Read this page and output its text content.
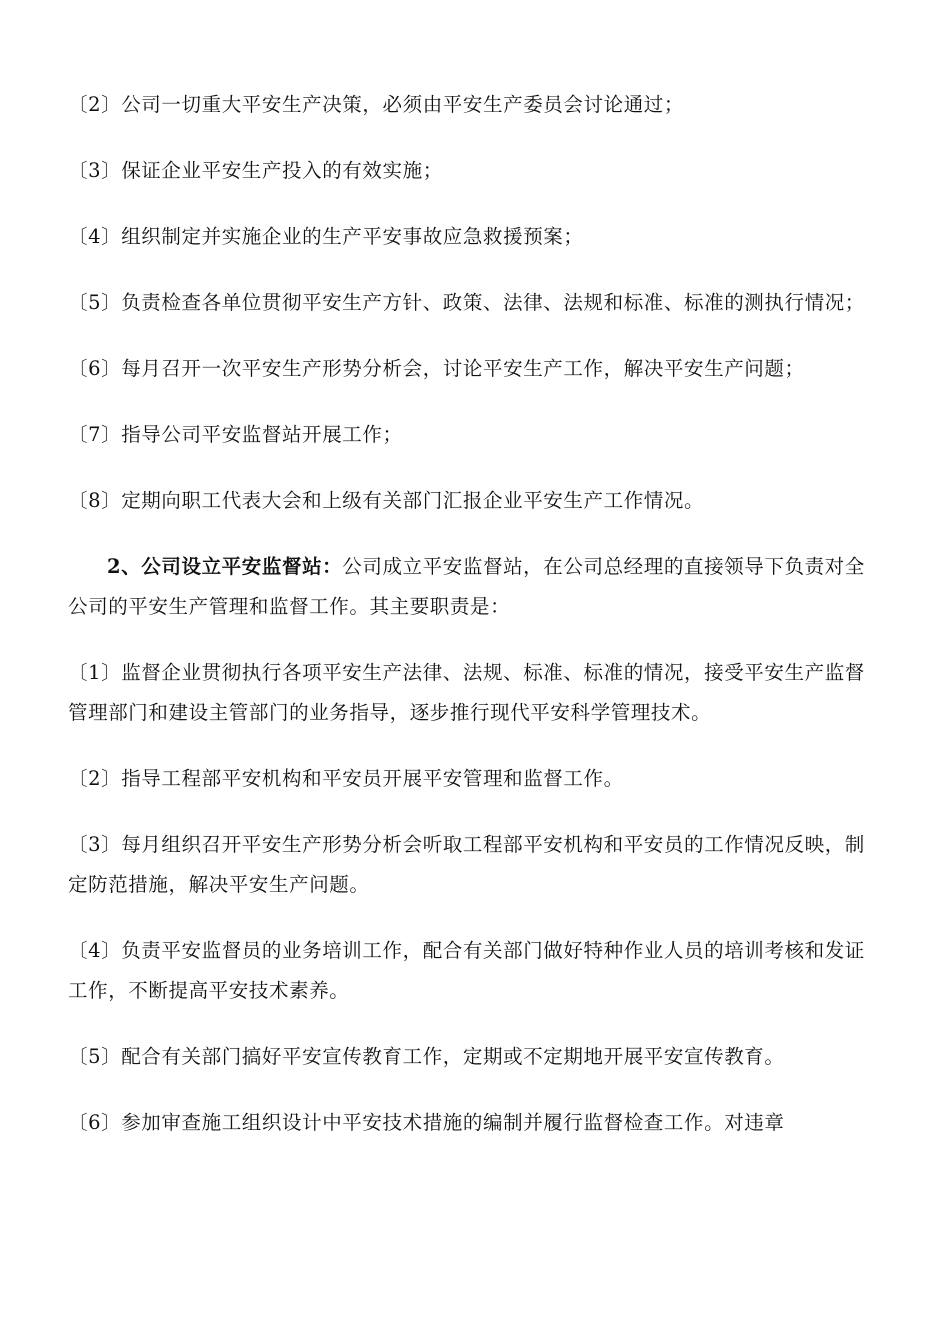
〔2〕公司一切重大平安生产决策，必须由平安生产委员会讨论通过；

〔3〕保证企业平安生产投入的有效实施；

〔4〕组织制定并实施企业的生产平安事故应急救援预案；

〔5〕负责检查各单位贯彻平安生产方针、政策、法律、法规和标准、标准的测执行情况；

〔6〕每月召开一次平安生产形势分析会，讨论平安生产工作，解决平安生产问题；

〔7〕指导公司平安监督站开展工作；

〔8〕定期向职工代表大会和上级有关部门汇报企业平安生产工作情况。

2、公司设立平安监督站：公司成立平安监督站，在公司总经理的直接领导下负责对全公司的平安生产管理和监督工作。其主要职责是：

〔1〕监督企业贯彻执行各项平安生产法律、法规、标准、标准的情况，接受平安生产监督管理部门和建设主管部门的业务指导，逐步推行现代平安科学管理技术。

〔2〕指导工程部平安机构和平安员开展平安管理和监督工作。

〔3〕每月组织召开平安生产形势分析会听取工程部平安机构和平安员的工作情况反映，制定防范措施，解决平安生产问题。

〔4〕负责平安监督员的业务培训工作，配合有关部门做好特种作业人员的培训考核和发证工作，不断提高平安技术素养。

〔5〕配合有关部门搞好平安宣传教育工作，定期或不定期地开展平安宣传教育。

〔6〕参加审查施工组织设计中平安技术措施的编制并履行监督检查工作。对违章
